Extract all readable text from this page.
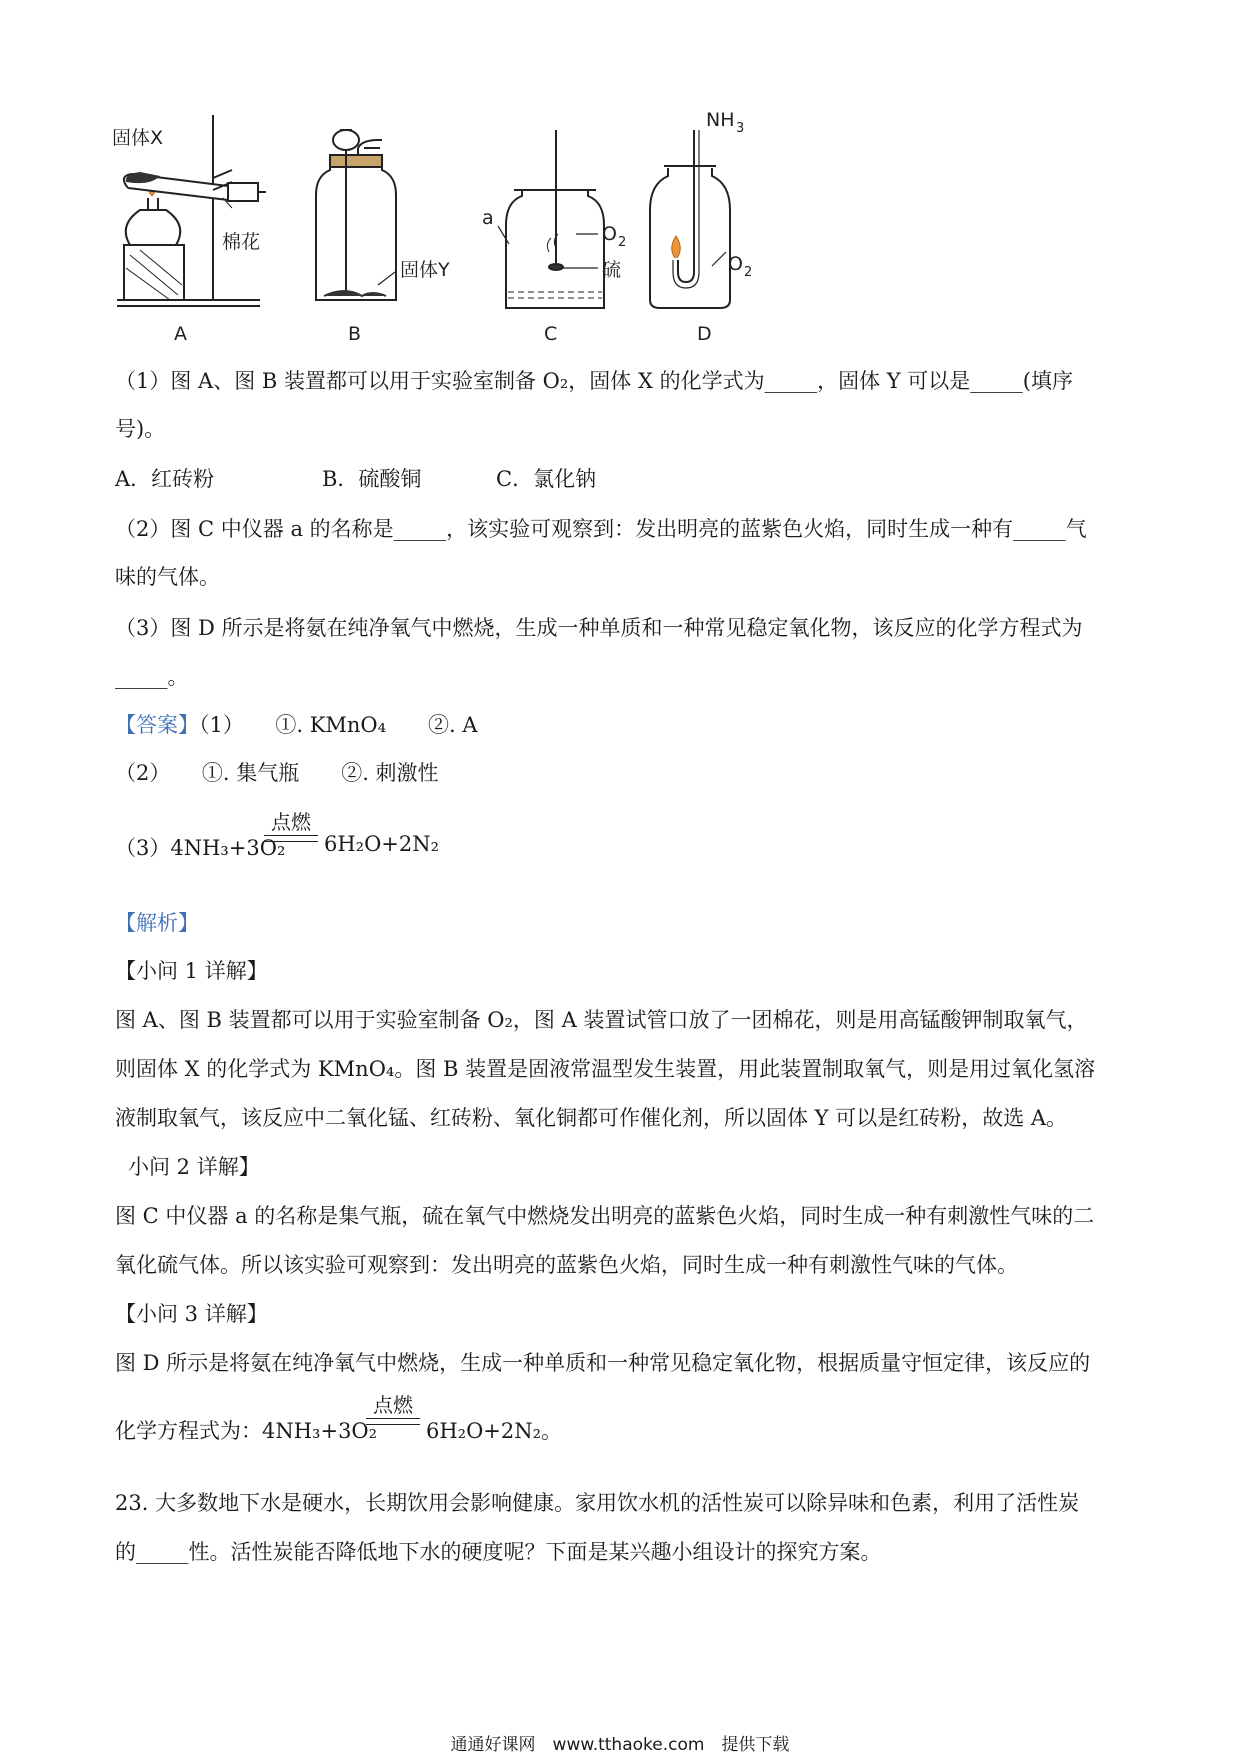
固体X
棉花
固体Y
a
O 2
硫
NH 3
O 2
A	B	C	D
（1）图 A、图 B 装置都可以用于实验室制备 O₂，固体 X 的化学式为_____，固体 Y 可以是_____(填序
号)。
A．红砖粉	B．硫酸铜	C．氯化钠
（2）图 C 中仪器 a 的名称是_____，该实验可观察到：发出明亮的蓝紫色火焰，同时生成一种有_____气
味的气体。
（3）图 D 所示是将氨在纯净氧气中燃烧，生成一种单质和一种常见稳定氧化物，该反应的化学方程式为
_____。
【答案】（1）　　①. KMnO₄　　②. A
（2）　　①. 集气瓶　　②. 刺激性
（3）4NH₃+3O₂
点燃
6H₂O+2N₂
【解析】
【小问 1 详解】
图 A、图 B 装置都可以用于实验室制备 O₂，图 A 装置试管口放了一团棉花，则是用高锰酸钾制取氧气，
则固体 X 的化学式为 KMnO₄。图 B 装置是固液常温型发生装置，用此装置制取氧气，则是用过氧化氢溶
液制取氧气，该反应中二氧化锰、红砖粉、氧化铜都可作催化剂，所以固体 Y 可以是红砖粉，故选 A。
小问 2 详解】
图 C 中仪器 a 的名称是集气瓶，硫在氧气中燃烧发出明亮的蓝紫色火焰，同时生成一种有刺激性气味的二
氧化硫气体。所以该实验可观察到：发出明亮的蓝紫色火焰，同时生成一种有刺激性气味的气体。
【小问 3 详解】
图 D 所示是将氨在纯净氧气中燃烧，生成一种单质和一种常见稳定氧化物，根据质量守恒定律，该反应的
化学方程式为：4NH₃+3O₂
点燃
6H₂O+2N₂。
23. 大多数地下水是硬水，长期饮用会影响健康。家用饮水机的活性炭可以除异味和色素，利用了活性炭
的_____性。活性炭能否降低地下水的硬度呢？下面是某兴趣小组设计的探究方案。
通通好课网　www.tthaoke.com　提供下载
